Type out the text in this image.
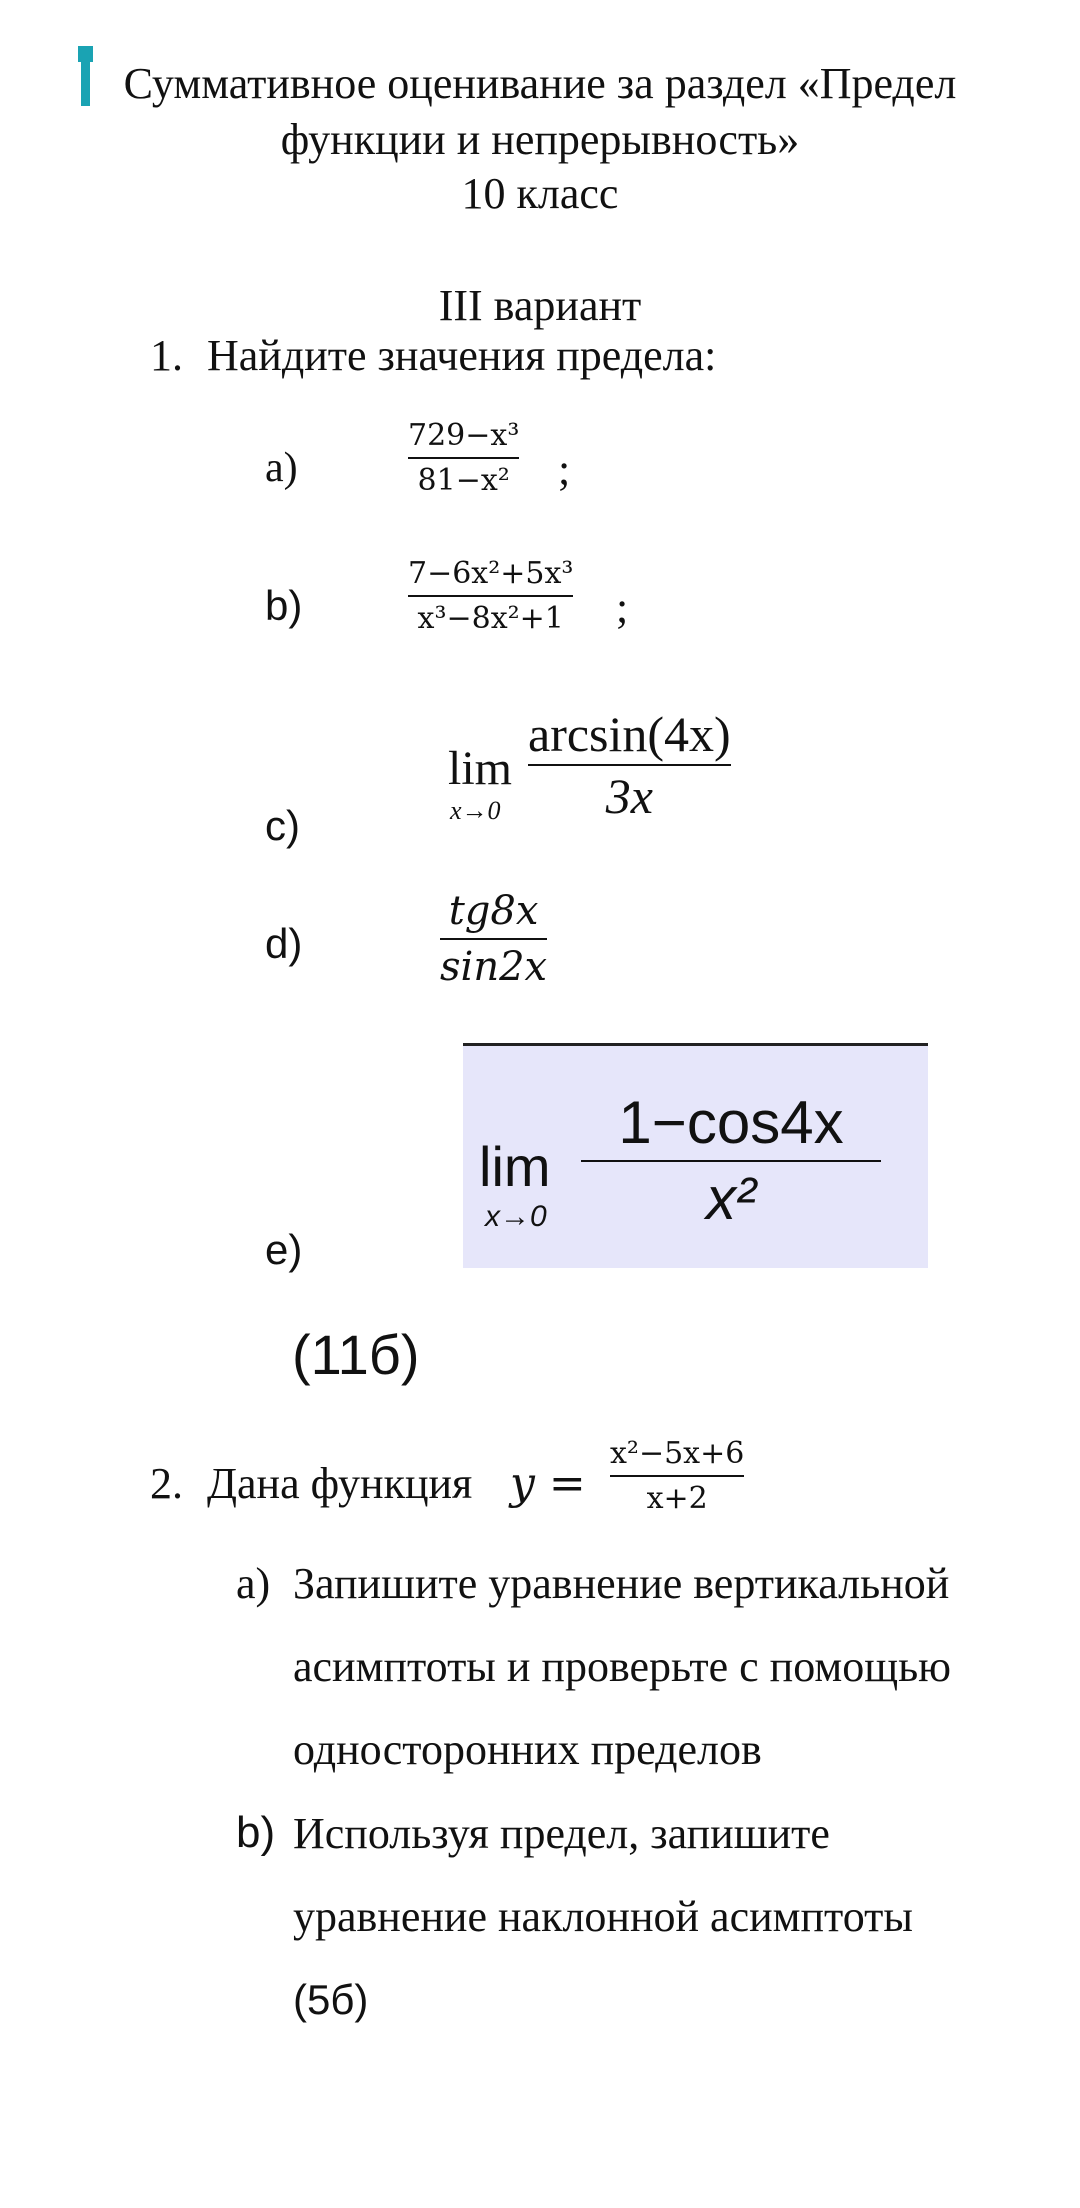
Суммативное оценивание за раздел «Предел
функции и непрерывность»
10 класс
III вариант
1. Найдите значения предела:
a)
729−x³
81−x² ;
b)
7−6x²+5x³
x³−8x²+1 ;
c)
lim
x→0
arcsin(4x)
3x
d)
tg8x
sin2x
e)
lim
x→0
1−cos4x
x²
(11б)
2. Дана функция y =
x²−5x+6
x+2
a) Запишите уравнение вертикальной
асимптоты и проверьте с помощью
односторонних пределов
b) Используя предел, запишите
уравнение наклонной асимптоты
(5б)
